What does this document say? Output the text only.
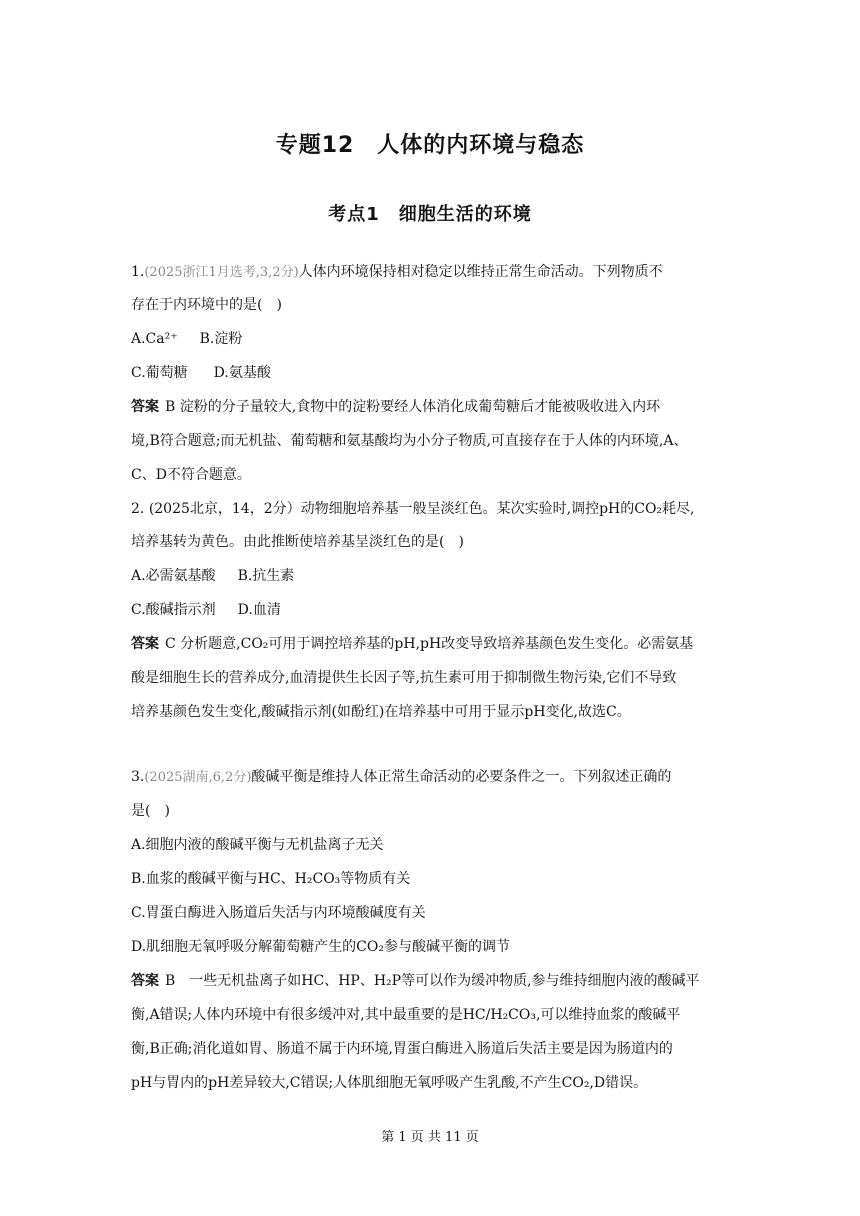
专题12　人体的内环境与稳态
考点1　细胞生活的环境
1.(2025浙江1月选考,3,2分)人体内环境保持相对稳定以维持正常生命活动。下列物质不
存在于内环境中的是(　)
A.Ca²⁺ B.淀粉
C.葡萄糖 D.氨基酸
答案 B 淀粉的分子量较大,食物中的淀粉要经人体消化成葡萄糖后才能被吸收进入内环
境,B符合题意;而无机盐、葡萄糖和氨基酸均为小分子物质,可直接存在于人体的内环境,A、
C、D不符合题意。
2. (2025北京，14，2分）动物细胞培养基一般呈淡红色。某次实验时,调控pH的CO₂耗尽,
培养基转为黄色。由此推断使培养基呈淡红色的是(　)
A.必需氨基酸 B.抗生素
C.酸碱指示剂 D.血清
答案 C 分析题意,CO₂可用于调控培养基的pH,pH改变导致培养基颜色发生变化。必需氨基
酸是细胞生长的营养成分,血清提供生长因子等,抗生素可用于抑制微生物污染,它们不导致
培养基颜色发生变化,酸碱指示剂(如酚红)在培养基中可用于显示pH变化,故选C。
3.(2025湖南,6,2分)酸碱平衡是维持人体正常生命活动的必要条件之一。下列叙述正确的
是(　)
A.细胞内液的酸碱平衡与无机盐离子无关
B.血浆的酸碱平衡与HC、H₂CO₃等物质有关
C.胃蛋白酶进入肠道后失活与内环境酸碱度有关
D.肌细胞无氧呼吸分解葡萄糖产生的CO₂参与酸碱平衡的调节
答案 B　一些无机盐离子如HC、HP、H₂P等可以作为缓冲物质,参与维持细胞内液的酸碱平
衡,A错误;人体内环境中有很多缓冲对,其中最重要的是HC/H₂CO₃,可以维持血浆的酸碱平
衡,B正确;消化道如胃、肠道不属于内环境,胃蛋白酶进入肠道后失活主要是因为肠道内的
pH与胃内的pH差异较大,C错误;人体肌细胞无氧呼吸产生乳酸,不产生CO₂,D错误。
第 1 页 共 11 页
